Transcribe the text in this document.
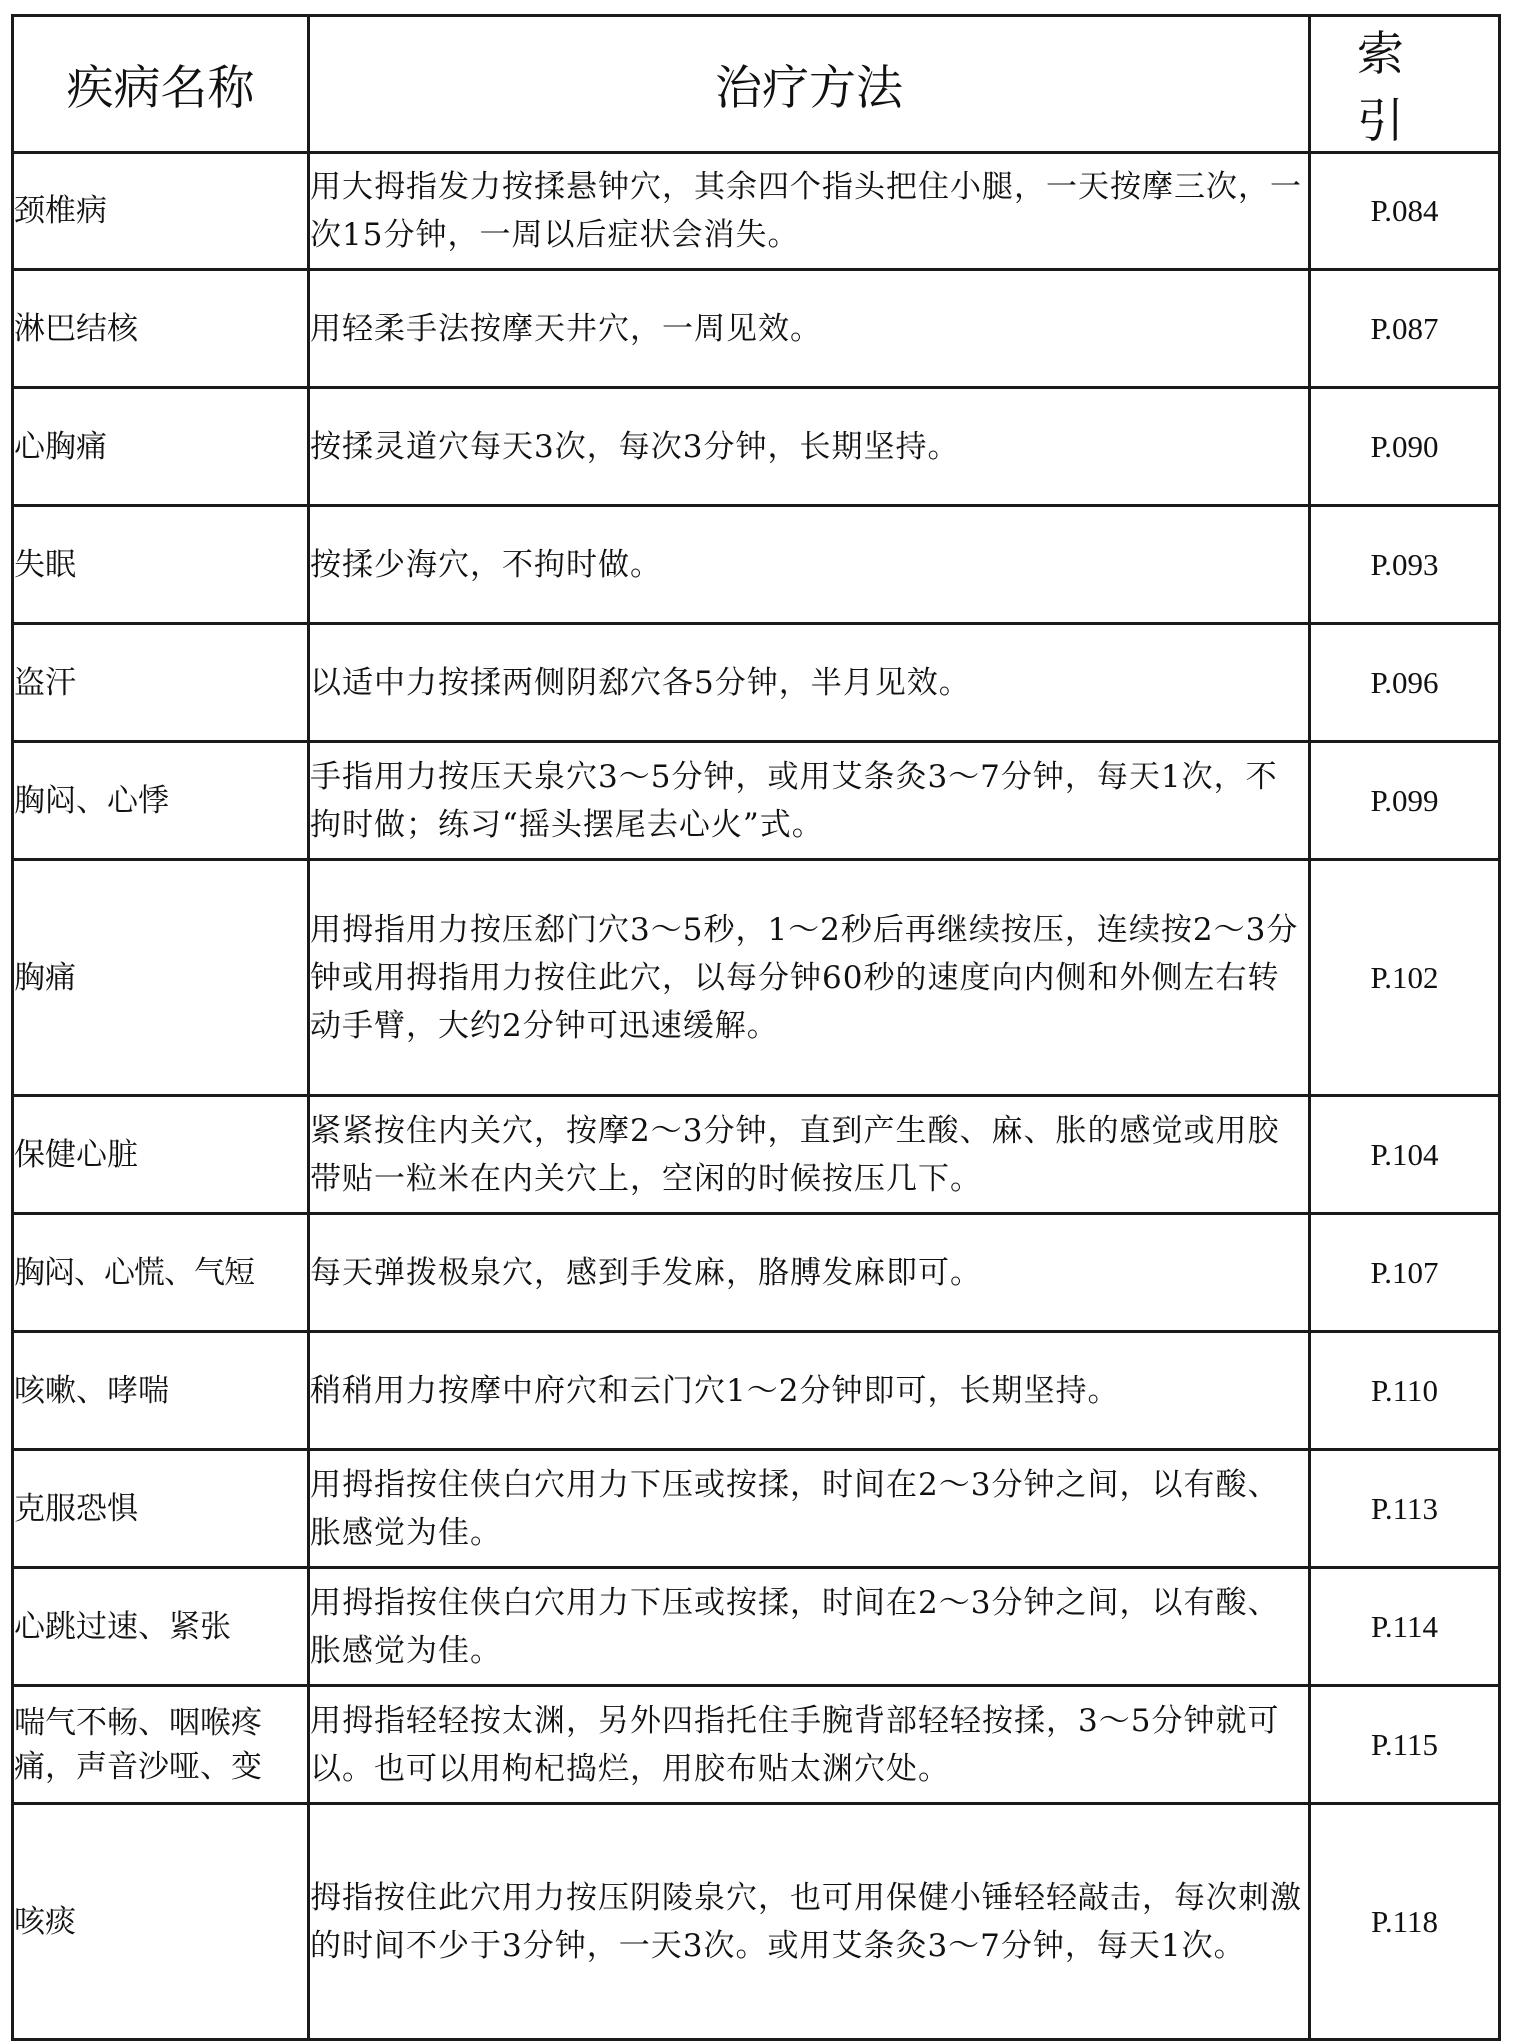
疾病名称	治疗方法	索引
颈椎病	用大拇指发力按揉悬钟穴，其余四个指头把住小腿，一天按摩三次，一次15分钟，一周以后症状会消失。	P.084
淋巴结核	用轻柔手法按摩天井穴，一周见效。	P.087
心胸痛	按揉灵道穴每天3次，每次3分钟，长期坚持。	P.090
失眠	按揉少海穴，不拘时做。	P.093
盗汗	以适中力按揉两侧阴郄穴各5分钟，半月见效。	P.096
胸闷、心悸	手指用力按压天泉穴3～5分钟，或用艾条灸3～7分钟，每天1次，不拘时做；练习“摇头摆尾去心火”式。	P.099
胸痛	用拇指用力按压郄门穴3～5秒，1～2秒后再继续按压，连续按2～3分钟或用拇指用力按住此穴，以每分钟60秒的速度向内侧和外侧左右转动手臂，大约2分钟可迅速缓解。	P.102
保健心脏	紧紧按住内关穴，按摩2～3分钟，直到产生酸、麻、胀的感觉或用胶带贴一粒米在内关穴上，空闲的时候按压几下。	P.104
胸闷、心慌、气短	每天弹拨极泉穴，感到手发麻，胳膊发麻即可。	P.107
咳嗽、哮喘	稍稍用力按摩中府穴和云门穴1～2分钟即可，长期坚持。	P.110
克服恐惧	用拇指按住侠白穴用力下压或按揉，时间在2～3分钟之间，以有酸、胀感觉为佳。	P.113
心跳过速、紧张	用拇指按住侠白穴用力下压或按揉，时间在2～3分钟之间，以有酸、胀感觉为佳。	P.114
喘气不畅、咽喉疼痛，声音沙哑、变	用拇指轻轻按太渊，另外四指托住手腕背部轻轻按揉，3～5分钟就可以。也可以用枸杞捣烂，用胶布贴太渊穴处。	P.115
咳痰	拇指按住此穴用力按压阴陵泉穴，也可用保健小锤轻轻敲击，每次刺激的时间不少于3分钟，一天3次。或用艾条灸3～7分钟，每天1次。	P.118
